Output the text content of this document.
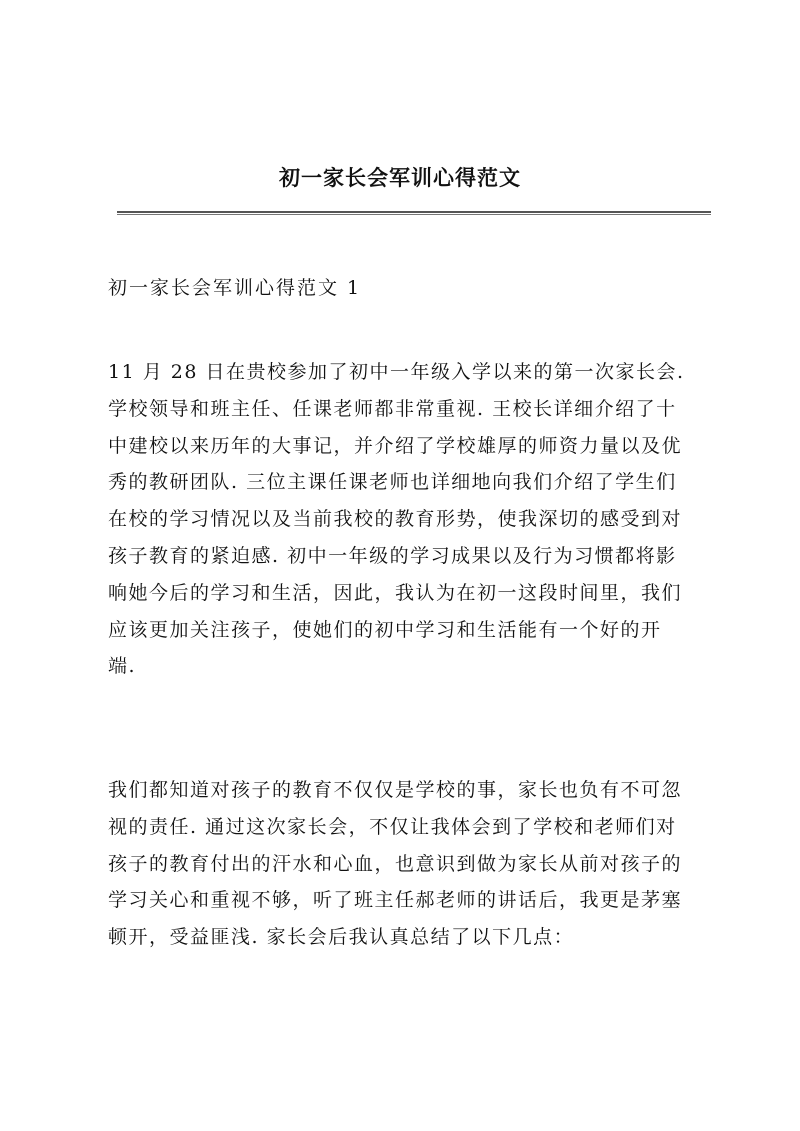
初一家长会军训心得范文
初一家长会军训心得范文 1
11 月 28 日在贵校参加了初中一年级入学以来的第一次家长会.
学校领导和班主任、任课老师都非常重视. 王校长详细介绍了十
中建校以来历年的大事记，并介绍了学校雄厚的师资力量以及优
秀的教研团队. 三位主课任课老师也详细地向我们介绍了学生们
在校的学习情况以及当前我校的教育形势，使我深切的感受到对
孩子教育的紧迫感. 初中一年级的学习成果以及行为习惯都将影
响她今后的学习和生活，因此，我认为在初一这段时间里，我们
应该更加关注孩子，使她们的初中学习和生活能有一个好的开
端.
我们都知道对孩子的教育不仅仅是学校的事，家长也负有不可忽
视的责任. 通过这次家长会，不仅让我体会到了学校和老师们对
孩子的教育付出的汗水和心血，也意识到做为家长从前对孩子的
学习关心和重视不够，听了班主任郝老师的讲话后，我更是茅塞
顿开，受益匪浅. 家长会后我认真总结了以下几点：
